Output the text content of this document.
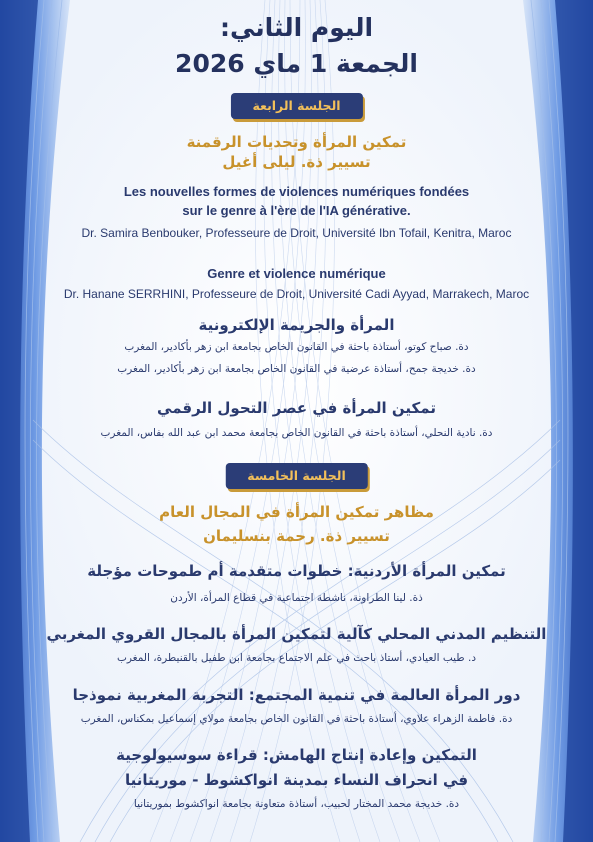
اليوم الثاني:
الجمعة 1 ماي 2026
الجلسة الرابعة
تمكين المرأة وتحديات الرقمنة
تسيير ذة. ليلى أغيل
Les nouvelles formes de violences numériques fondées
sur le genre à l'ère de l'IA générative.
Dr. Samira Benbouker, Professeure de Droit, Université Ibn Tofail, Kenitra, Maroc
Genre et violence numérique
Dr. Hanane SERRHINI, Professeure de Droit, Université Cadi Ayyad, Marrakech, Maroc
المرأة والجريمة الإلكترونية
دة. صباح كوتو، أستاذة باحثة في القانون الخاص بجامعة ابن زهر بأكادير، المغرب
دة. خديجة جمح، أستاذة عرضية في القانون الخاص بجامعة ابن زهر بأكادير، المغرب
تمكين المرأة في عصر التحول الرقمي
دة. نادية النحلي، أستاذة باحثة في القانون الخاص بجامعة محمد ابن عبد الله بفاس، المغرب
الجلسة الخامسة
مظاهر تمكين المرأة في المجال العام
تسيير ذة. رحمة بنسليمان
تمكين المرأة الأردنية: خطوات متقدمة أم طموحات مؤجلة
ذة. لينا الطراونة، ناشطة اجتماعية في قطاع المرأة، الأردن
التنظيم المدني المحلي كآلية لتمكين المرأة بالمجال القروي المغربي
د. طيب العيادي، أستاذ باحث في علم الاجتماع بجامعة ابن طفيل بالقنيطرة، المغرب
دور المرأة العالمة في تنمية المجتمع: التجربة المغربية نموذجا
دة. فاطمة الزهراء علاوي، أستاذة باحثة في القانون الخاص بجامعة مولاي إسماعيل بمكناس، المغرب
التمكين وإعادة إنتاج الهامش: قراءة سوسيولوجية
في انحراف النساء بمدينة انواكشوط - موريتانيا
دة. خديجة محمد المختار لحبيب، أستاذة متعاونة بجامعة انواكشوط بموريتانيا
